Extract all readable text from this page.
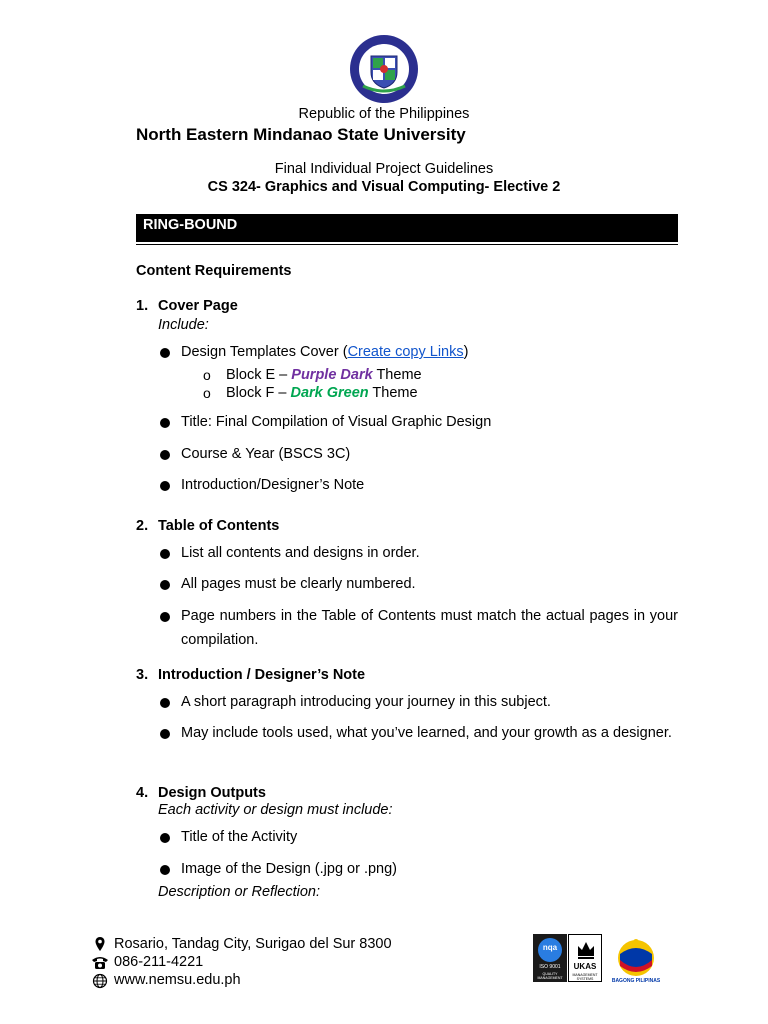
Republic of the Philippines
North Eastern Mindanao State University
Final Individual Project Guidelines
CS 324- Graphics and Visual Computing- Elective 2
RING-BOUND
Content Requirements
1. Cover Page
Include:
Design Templates Cover (Create copy Links)
o Block E – Purple Dark Theme
o Block F – Dark Green Theme
Title: Final Compilation of Visual Graphic Design
Course & Year (BSCS 3C)
Introduction/Designer’s Note
2. Table of Contents
List all contents and designs in order.
All pages must be clearly numbered.
Page numbers in the Table of Contents must match the actual pages in your compilation.
3. Introduction / Designer’s Note
A short paragraph introducing your journey in this subject.
May include tools used, what you’ve learned, and your growth as a designer.
4. Design Outputs
Each activity or design must include:
Title of the Activity
Image of the Design (.jpg or .png)
Description or Reflection:
Rosario, Tandag City, Surigao del Sur 8300
086-211-4221
www.nemsu.edu.ph
nqa
ISO 9001
QUALITY MANAGEMENT
UKAS
MANAGEMENT SYSTEMS	BAGONG PILIPINAS
